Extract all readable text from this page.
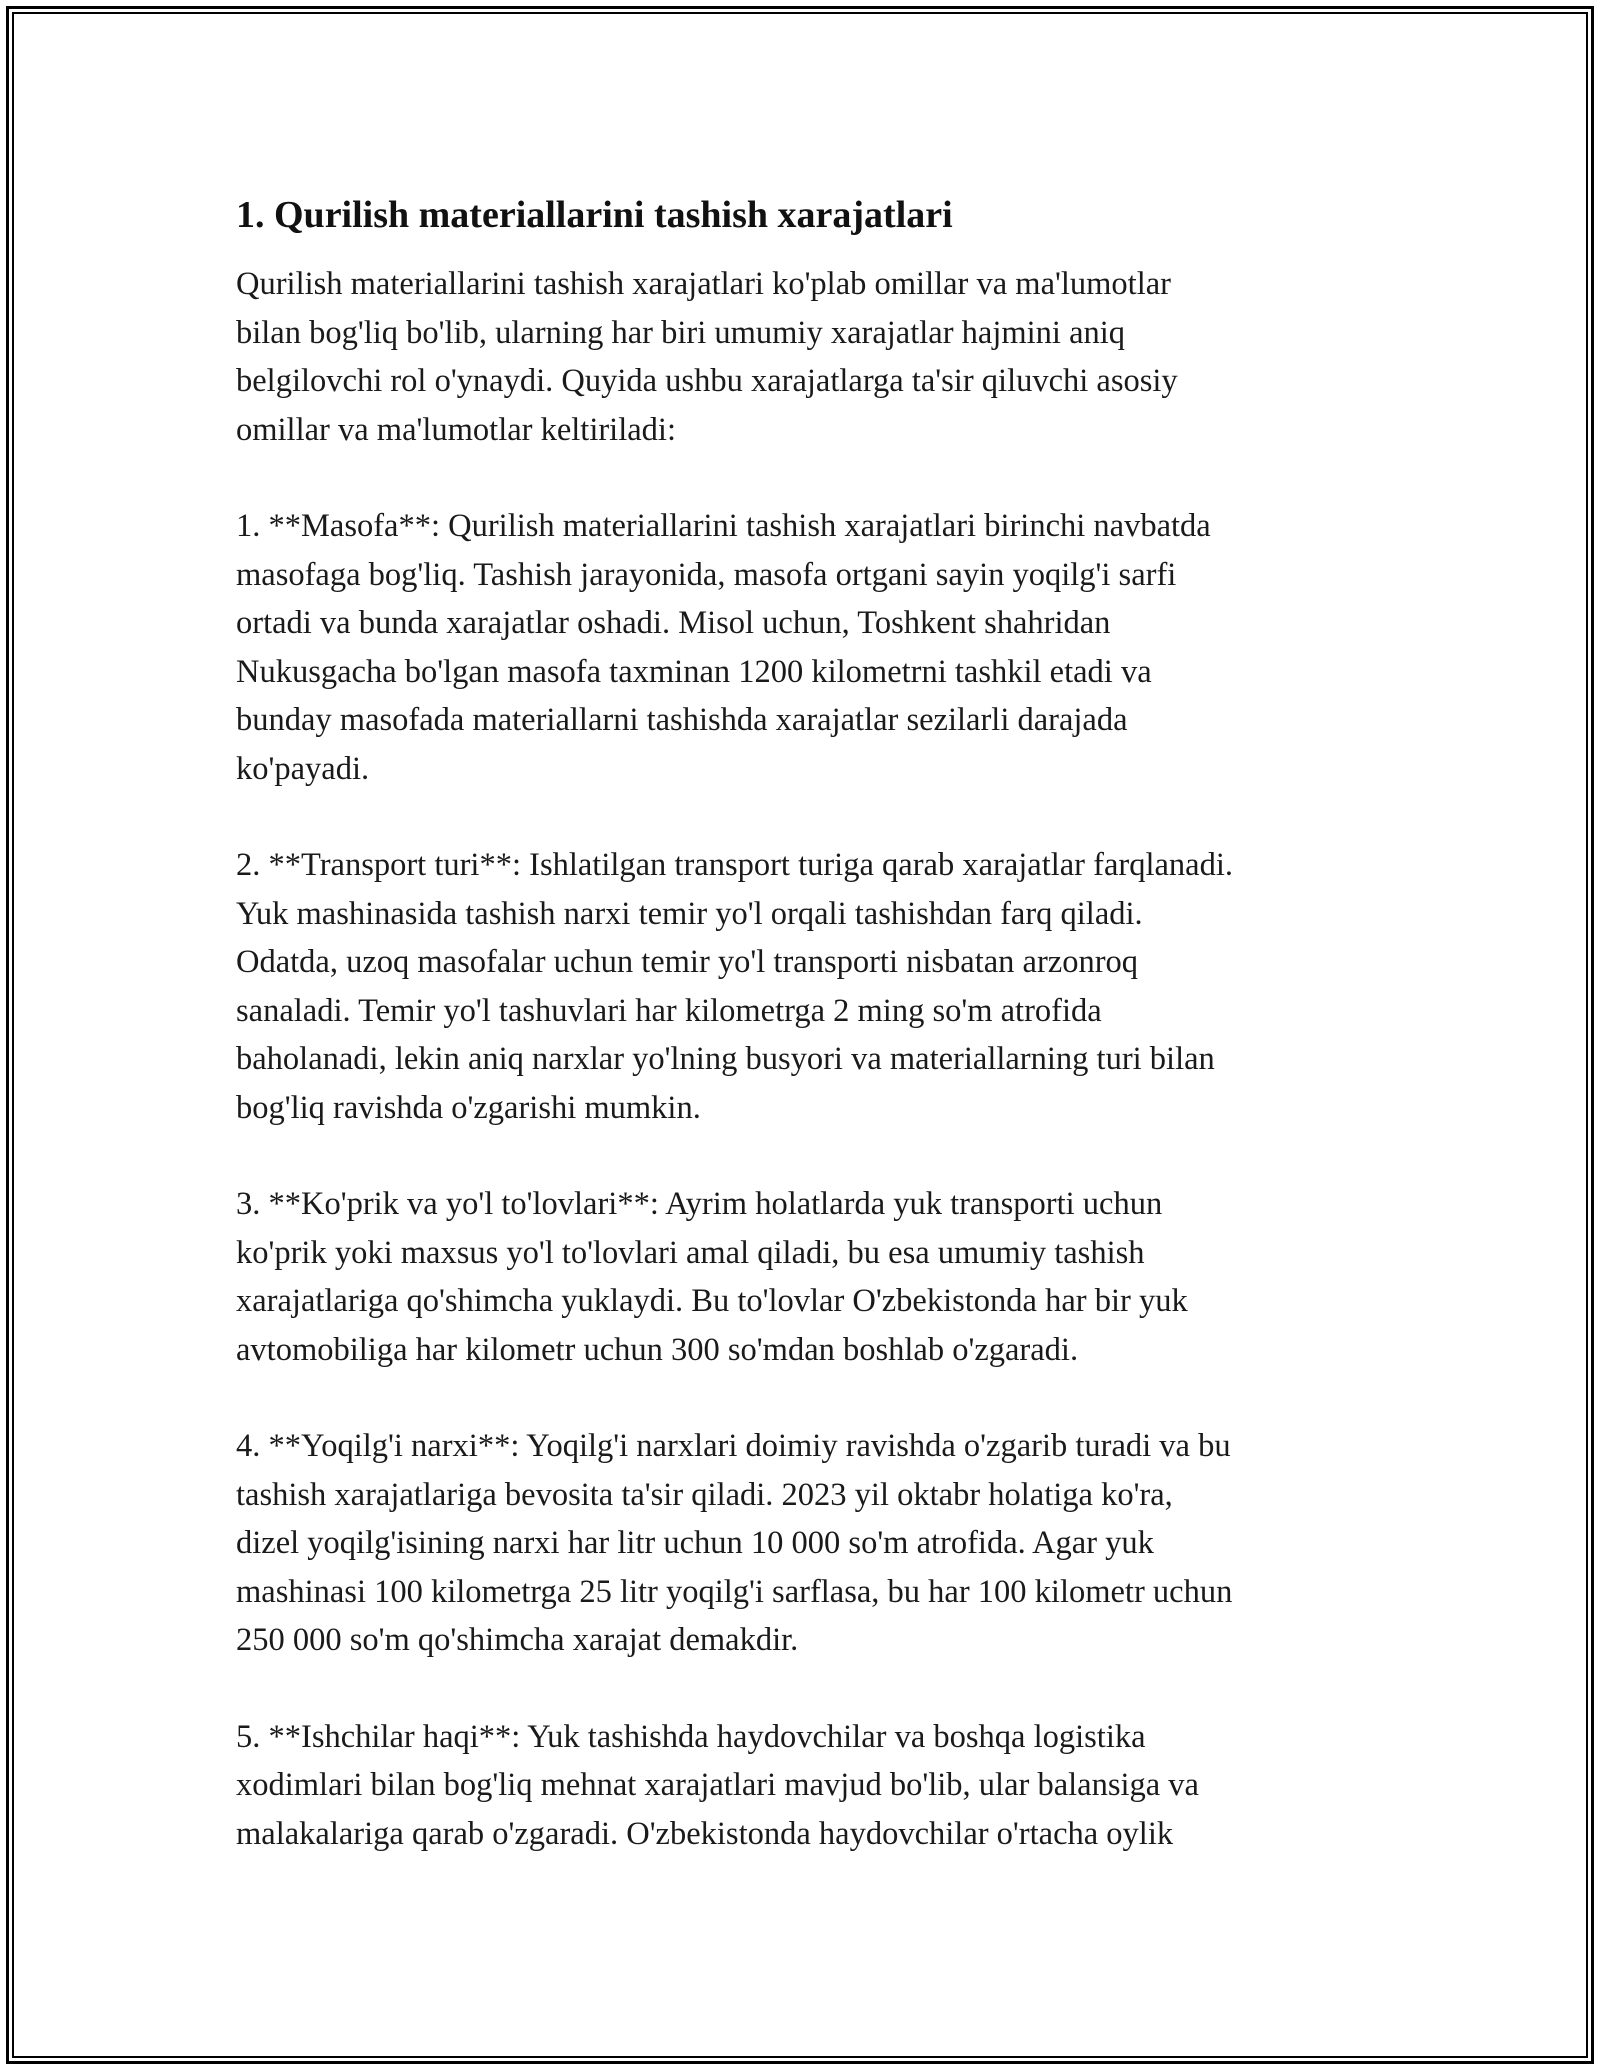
1. Qurilish materiallarini tashish xarajatlari

Qurilish materiallarini tashish xarajatlari ko'plab omillar va ma'lumotlar
bilan bog'liq bo'lib, ularning har biri umumiy xarajatlar hajmini aniq
belgilovchi rol o'ynaydi. Quyida ushbu xarajatlarga ta'sir qiluvchi asosiy
omillar va ma'lumotlar keltiriladi:

1. **Masofa**: Qurilish materiallarini tashish xarajatlari birinchi navbatda
masofaga bog'liq. Tashish jarayonida, masofa ortgani sayin yoqilg'i sarfi
ortadi va bunda xarajatlar oshadi. Misol uchun, Toshkent shahridan
Nukusgacha bo'lgan masofa taxminan 1200 kilometrni tashkil etadi va
bunday masofada materiallarni tashishda xarajatlar sezilarli darajada
ko'payadi.

2. **Transport turi**: Ishlatilgan transport turiga qarab xarajatlar farqlanadi.
Yuk mashinasida tashish narxi temir yo'l orqali tashishdan farq qiladi.
Odatda, uzoq masofalar uchun temir yo'l transporti nisbatan arzonroq
sanaladi. Temir yo'l tashuvlari har kilometrga 2 ming so'm atrofida
baholanadi, lekin aniq narxlar yo'lning busyori va materiallarning turi bilan
bog'liq ravishda o'zgarishi mumkin.

3. **Ko'prik va yo'l to'lovlari**: Ayrim holatlarda yuk transporti uchun
ko'prik yoki maxsus yo'l to'lovlari amal qiladi, bu esa umumiy tashish
xarajatlariga qo'shimcha yuklaydi. Bu to'lovlar O'zbekistonda har bir yuk
avtomobiliga har kilometr uchun 300 so'mdan boshlab o'zgaradi.

4. **Yoqilg'i narxi**: Yoqilg'i narxlari doimiy ravishda o'zgarib turadi va bu
tashish xarajatlariga bevosita ta'sir qiladi. 2023 yil oktabr holatiga ko'ra,
dizel yoqilg'isining narxi har litr uchun 10 000 so'm atrofida. Agar yuk
mashinasi 100 kilometrga 25 litr yoqilg'i sarflasa, bu har 100 kilometr uchun
250 000 so'm qo'shimcha xarajat demakdir.

5. **Ishchilar haqi**: Yuk tashishda haydovchilar va boshqa logistika
xodimlari bilan bog'liq mehnat xarajatlari mavjud bo'lib, ular balansiga va
malakalariga qarab o'zgaradi. O'zbekistonda haydovchilar o'rtacha oylik
